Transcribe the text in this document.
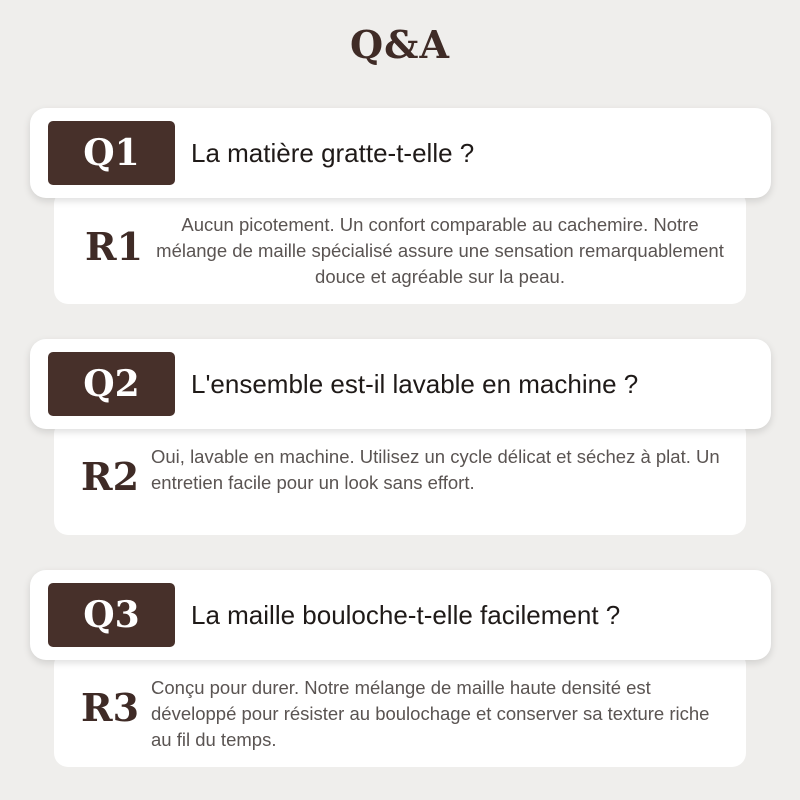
Q&A
Q1	La matière gratte-t-elle ?
R1	Aucun picotement. Un confort comparable au cachemire. Notre mélange de maille spécialisé assure une sensation remarquablement douce et agréable sur la peau.
Q2	L'ensemble est-il lavable en machine ?
R2 Oui, lavable en machine. Utilisez un cycle délicat et séchez à plat. Un entretien facile pour un look sans effort.
Q3	La maille bouloche-t-elle facilement ?
R3 Conçu pour durer. Notre mélange de maille haute densité est développé pour résister au boulochage et conserver sa texture riche au fil du temps.
